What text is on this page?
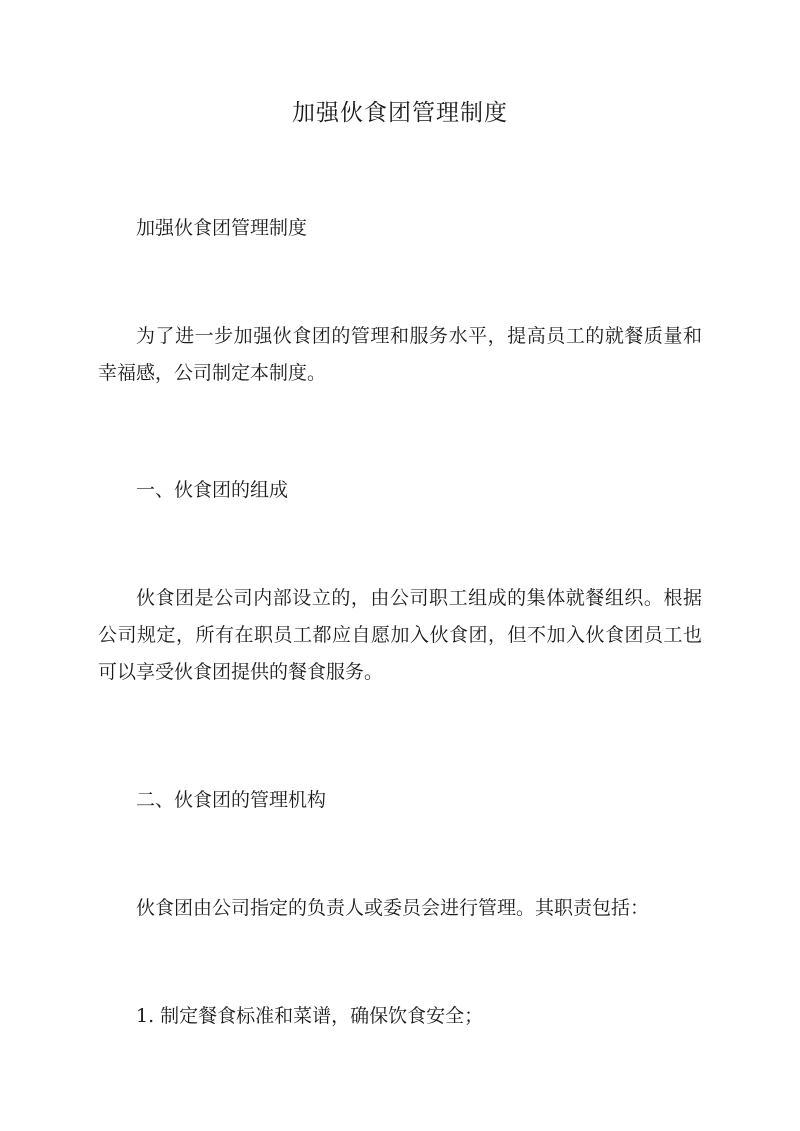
加强伙食团管理制度

加强伙食团管理制度

为了进一步加强伙食团的管理和服务水平，提高员工的就餐质量和幸福感，公司制定本制度。

一、伙食团的组成

伙食团是公司内部设立的，由公司职工组成的集体就餐组织。根据公司规定，所有在职员工都应自愿加入伙食团，但不加入伙食团员工也可以享受伙食团提供的餐食服务。

二、伙食团的管理机构

伙食团由公司指定的负责人或委员会进行管理。其职责包括：

1. 制定餐食标准和菜谱，确保饮食安全；
